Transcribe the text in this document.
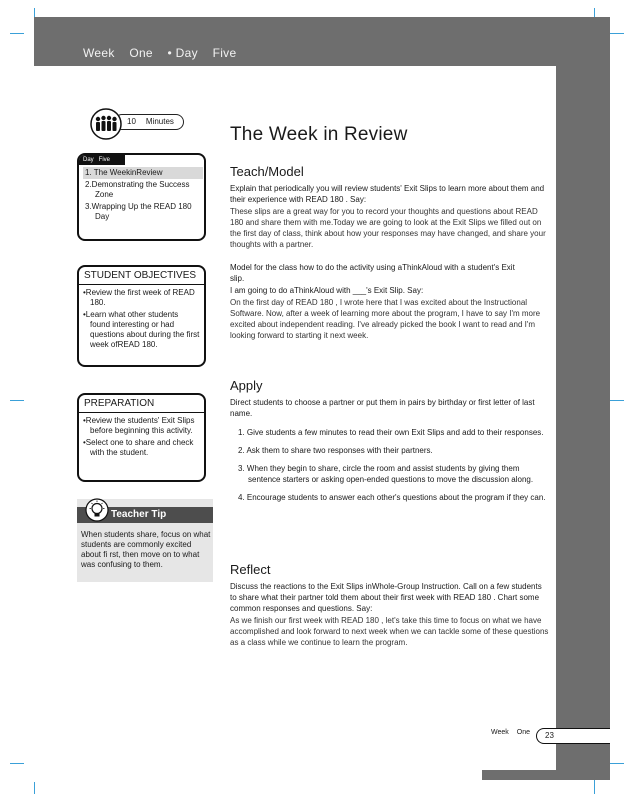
Week One • Day Five
10 Minutes
Day Five
1. The WeekinReview
2.Demonstrating the Success
Zone
3.Wrapping Up the READ 180
Day
STUDENT OBJECTIVES
•Review the first week of READ 180.
•Learn what other students found interesting or had questions about during the first week ofREAD 180.
PREPARATION
•Review the students' Exit Slips before beginning this activity.
•Select one to share and check with the student.
Teacher Tip
When students share, focus on what students are commonly excited about fi rst, then move on to what was confusing to them.
The Week in Review
Teach/Model
Explain that periodically you will review students' Exit Slips to learn more about them and their experience with READ 180 . Say:
These slips are a great way for you to record your thoughts and questions about READ 180 and share them with me.Today we are going to look at the Exit Slips we filled out on the first day of class, think about how your responses may have changed, and share your thoughts with a partner.
Model for the class how to do the activity using aThinkAloud with a student's Exit slip.
I am going to do aThinkAloud with ___'s Exit Slip. Say:
On the first day of READ 180 , I wrote here that I was excited about the Instructional Software. Now, after a week of learning more about the program, I have to say I'm more excited about independent reading. I've already picked the book I want to read and I'm looking forward to starting it next week.
Apply
Direct students to choose a partner or put them in pairs by birthday or first letter of last name.
1. Give students a few minutes to read their own Exit Slips and add to their responses.
2. Ask them to share two responses with their partners.
3. When they begin to share, circle the room and assist students by giving them sentence starters or asking open-ended questions to move the discussion along.
4. Encourage students to answer each other's questions about the program if they can.
Reflect
Discuss the reactions to the Exit Slips inWhole-Group Instruction. Call on a few students to share what their partner told them about their first week with READ 180 . Chart some common responses and questions. Say:
As we finish our first week with READ 180 , let's take this time to focus on what we have accomplished and look forward to next week when we can tackle some of these questions as a class while we continue to learn the program.
Week One	23
